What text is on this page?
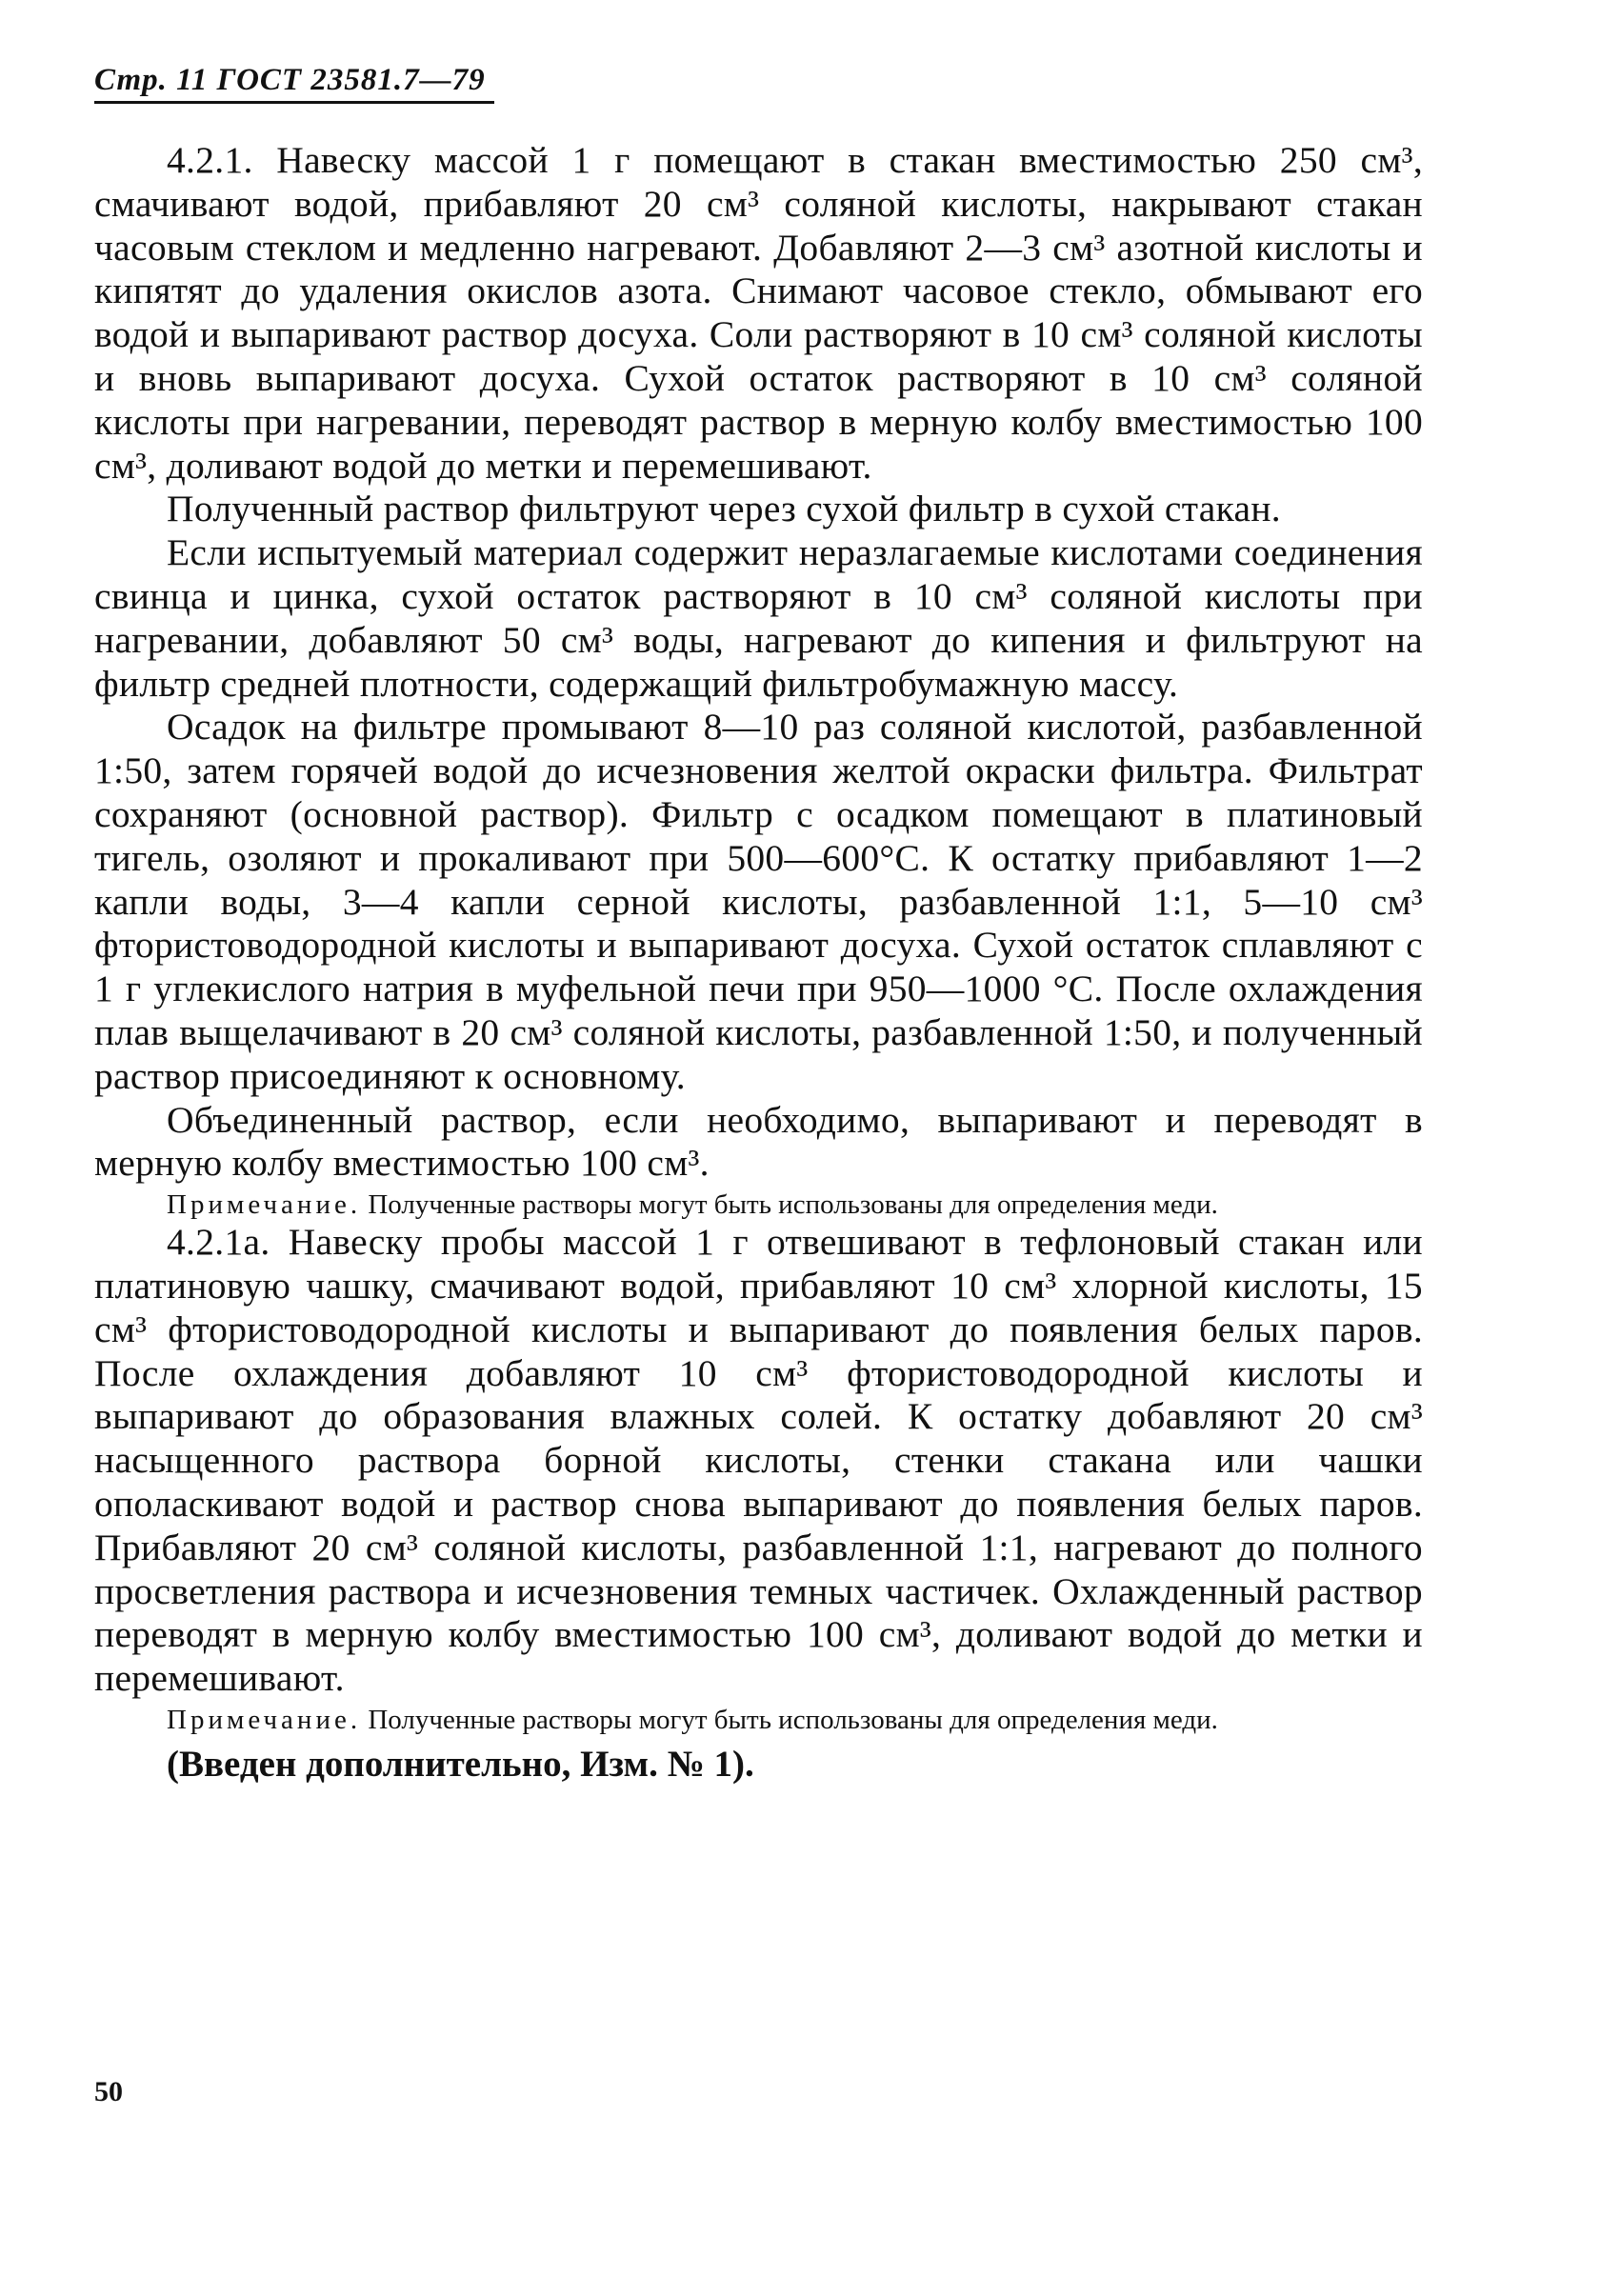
Стр. 11 ГОСТ 23581.7—79

4.2.1. Навеску массой 1 г помещают в стакан вместимостью 250 см³, смачивают водой, прибавляют 20 см³ соляной кислоты, накрывают стакан часовым стеклом и медленно нагревают. Добавляют 2—3 см³ азотной кислоты и кипятят до удаления окислов азота. Снимают часовое стекло, обмывают его водой и выпаривают раствор досуха. Соли растворяют в 10 см³ соляной кислоты и вновь выпаривают досуха. Сухой остаток растворяют в 10 см³ соляной кислоты при нагревании, переводят раствор в мерную колбу вместимостью 100 см³, доливают водой до метки и перемешивают.

Полученный раствор фильтруют через сухой фильтр в сухой стакан.

Если испытуемый материал содержит неразлагаемые кислотами соединения свинца и цинка, сухой остаток растворяют в 10 см³ соляной кислоты при нагревании, добавляют 50 см³ воды, нагревают до кипения и фильтруют на фильтр средней плотности, содержащий фильтробумажную массу.

Осадок на фильтре промывают 8—10 раз соляной кислотой, разбавленной 1:50, затем горячей водой до исчезновения желтой окраски фильтра. Фильтрат сохраняют (основной раствор). Фильтр с осадком помещают в платиновый тигель, озоляют и прокаливают при 500—600°С. К остатку прибавляют 1—2 капли воды, 3—4 капли серной кислоты, разбавленной 1:1, 5—10 см³ фтористоводородной кислоты и выпаривают досуха. Сухой остаток сплавляют с 1 г углекислого натрия в муфельной печи при 950—1000 °С. После охлаждения плав выщелачивают в 20 см³ соляной кислоты, разбавленной 1:50, и полученный раствор присоединяют к основному.

Объединенный раствор, если необходимо, выпаривают и переводят в мерную колбу вместимостью 100 см³.

Примечание. Полученные растворы могут быть использованы для определения меди.

4.2.1а. Навеску пробы массой 1 г отвешивают в тефлоновый стакан или платиновую чашку, смачивают водой, прибавляют 10 см³ хлорной кислоты, 15 см³ фтористоводородной кислоты и выпаривают до появления белых паров. После охлаждения добавляют 10 см³ фтористоводородной кислоты и выпаривают до образования влажных солей. К остатку добавляют 20 см³ насыщенного раствора борной кислоты, стенки стакана или чашки ополаскивают водой и раствор снова выпаривают до появления белых паров. Прибавляют 20 см³ соляной кислоты, разбавленной 1:1, нагревают до полного просветления раствора и исчезновения темных частичек. Охлажденный раствор переводят в мерную колбу вместимостью 100 см³, доливают водой до метки и перемешивают.

Примечание. Полученные растворы могут быть использованы для определения меди.

(Введен дополнительно, Изм. № 1).

50
